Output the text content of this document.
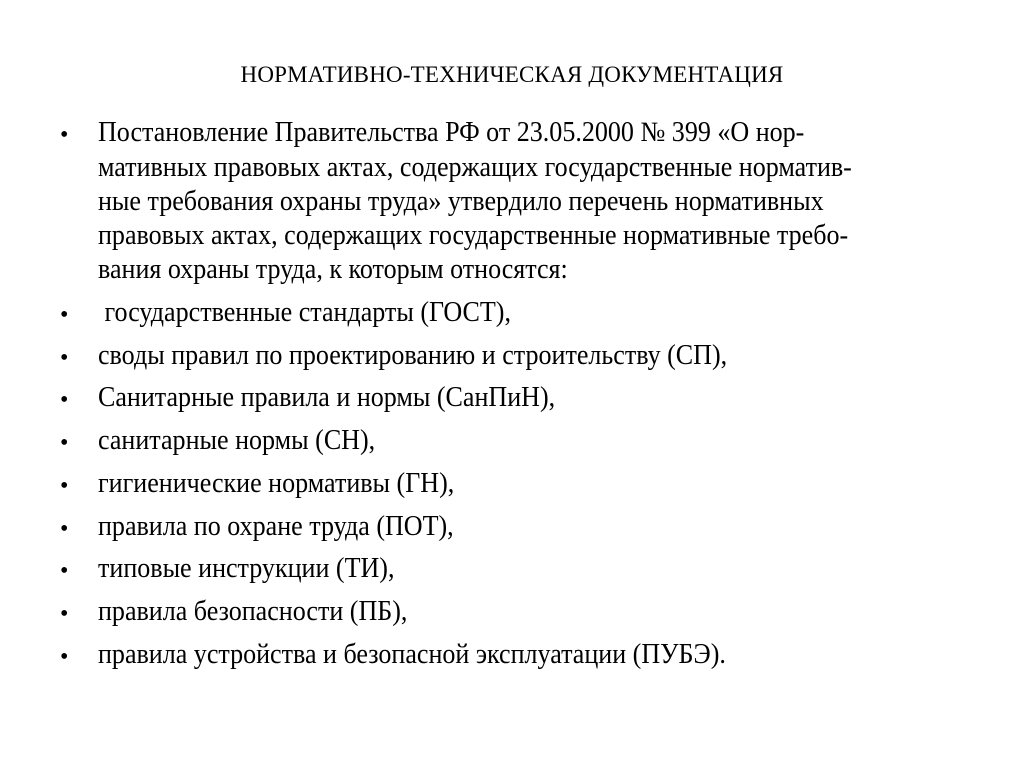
НОРМАТИВНО-ТЕХНИЧЕСКАЯ ДОКУМЕНТАЦИЯ
• Постановление Правительства РФ от 23.05.2000 № 399 «О нор-
мативных правовых актах, содержащих государственные норматив-
ные требования охраны труда» утвердило перечень нормативных
правовых актах, содержащих государственные нормативные требо-
вания охраны труда, к которым относятся:
• государственные стандарты (ГОСТ),
• своды правил по проектированию и строительству (СП),
• Санитарные правила и нормы (СанПиН),
• санитарные нормы (СН),
• гигиенические нормативы (ГН),
• правила по охране труда (ПОТ),
• типовые инструкции (ТИ),
• правила безопасности (ПБ),
• правила устройства и безопасной эксплуатации (ПУБЭ).
